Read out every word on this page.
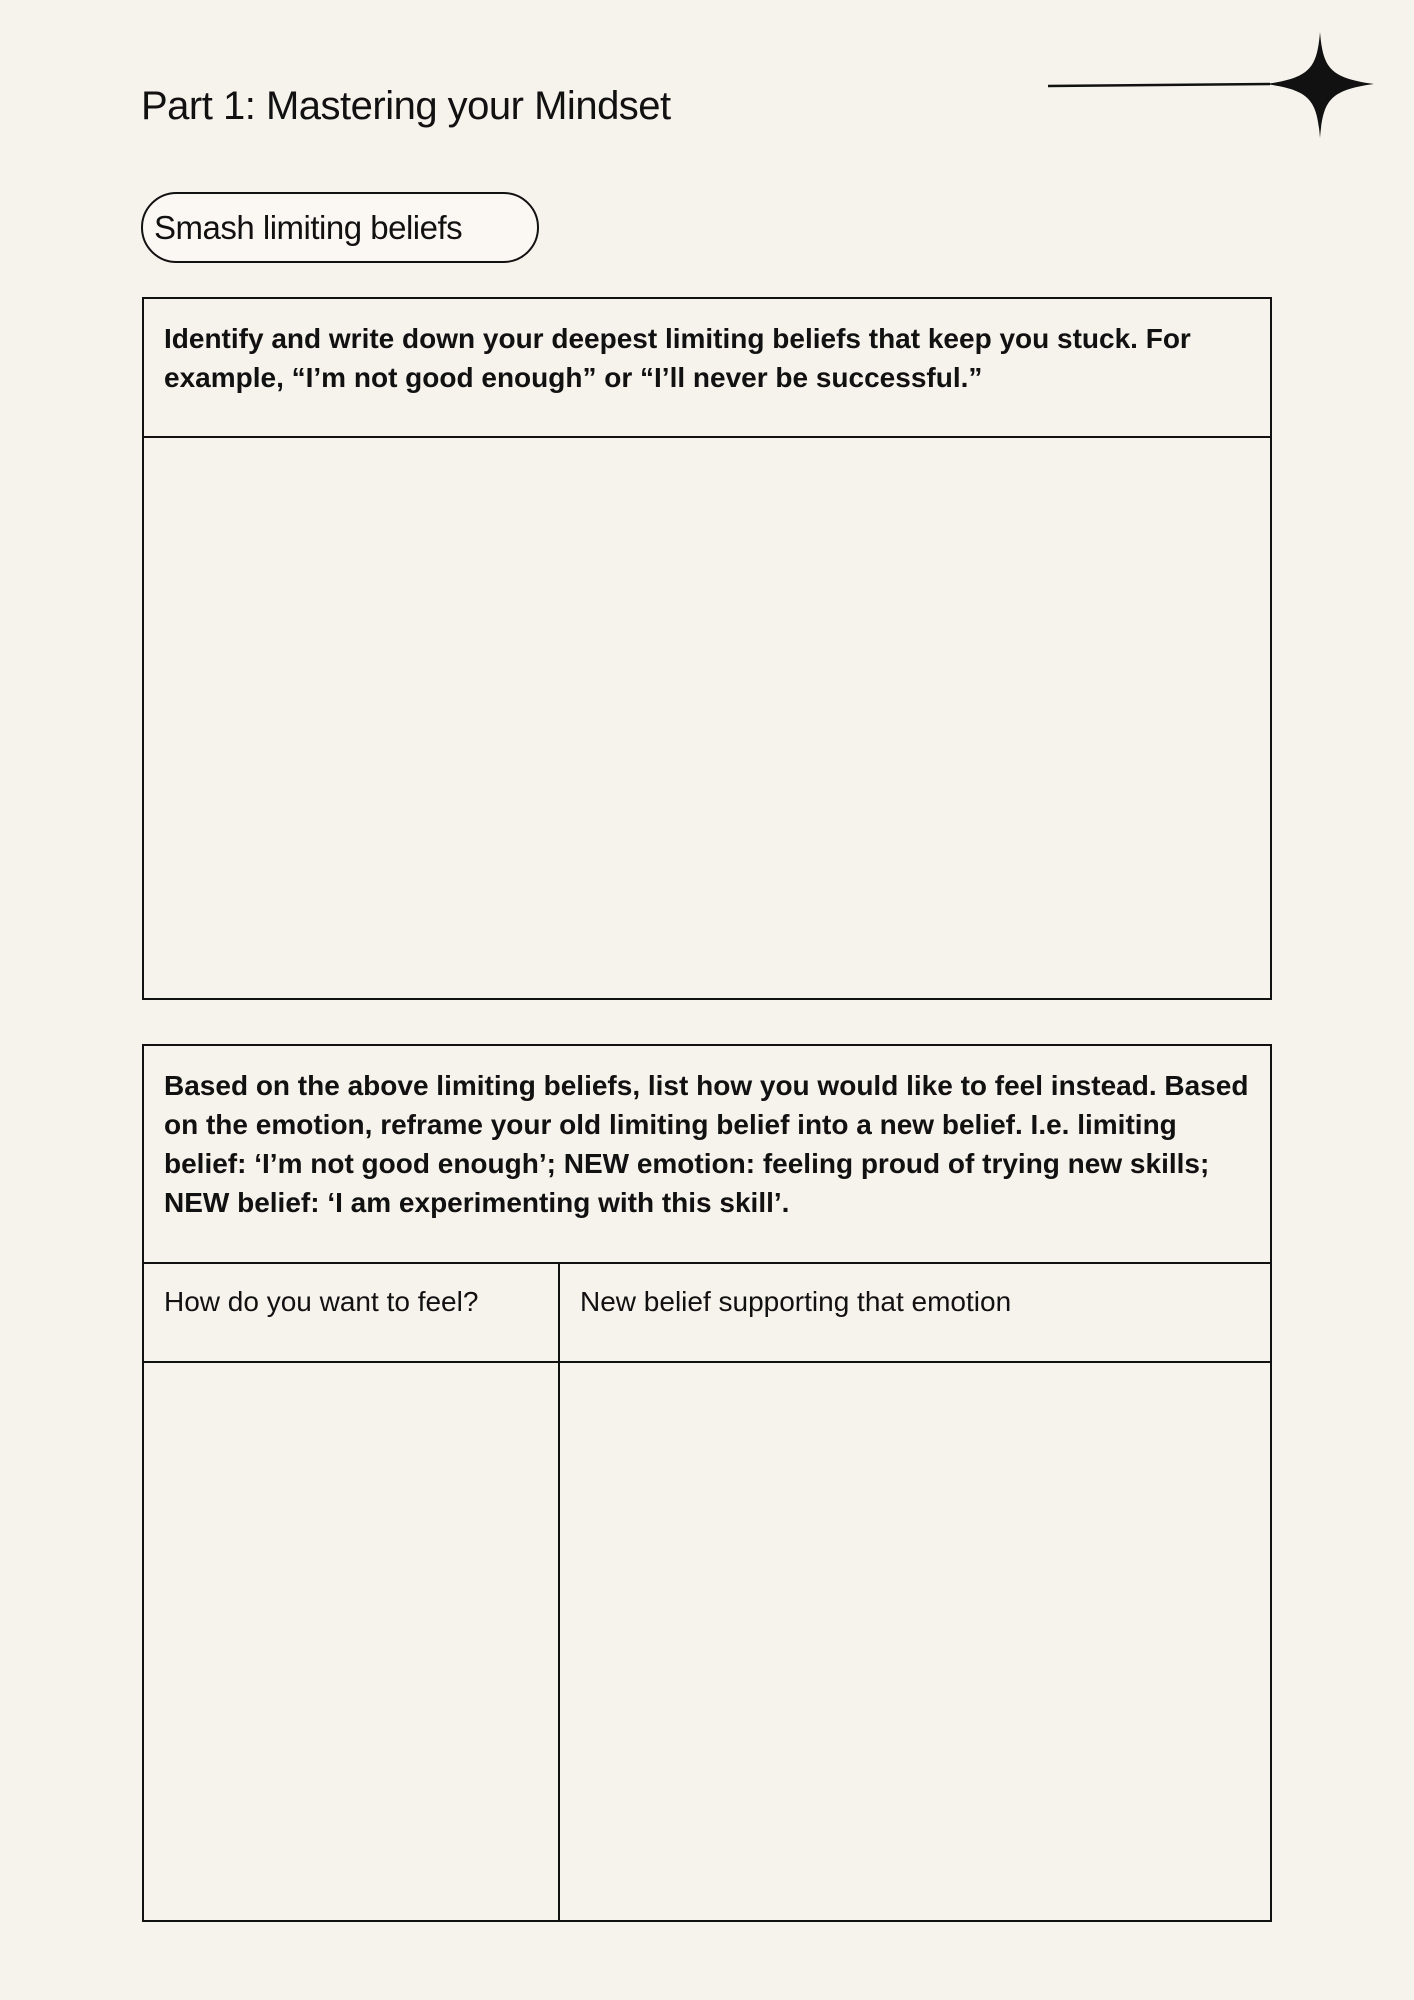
Part 1: Mastering your Mindset
Smash limiting beliefs
Identify and write down your deepest limiting beliefs that keep you stuck. For example, “I’m not good enough” or “I’ll never be successful.”
Based on the above limiting beliefs, list how you would like to feel instead. Based on the emotion, reframe your old limiting belief into a new belief. I.e. limiting belief: ‘I’m not good enough’; NEW emotion: feeling proud of trying new skills; NEW belief: ‘I am experimenting with this skill’.
How do you want to feel?	New belief supporting that emotion
